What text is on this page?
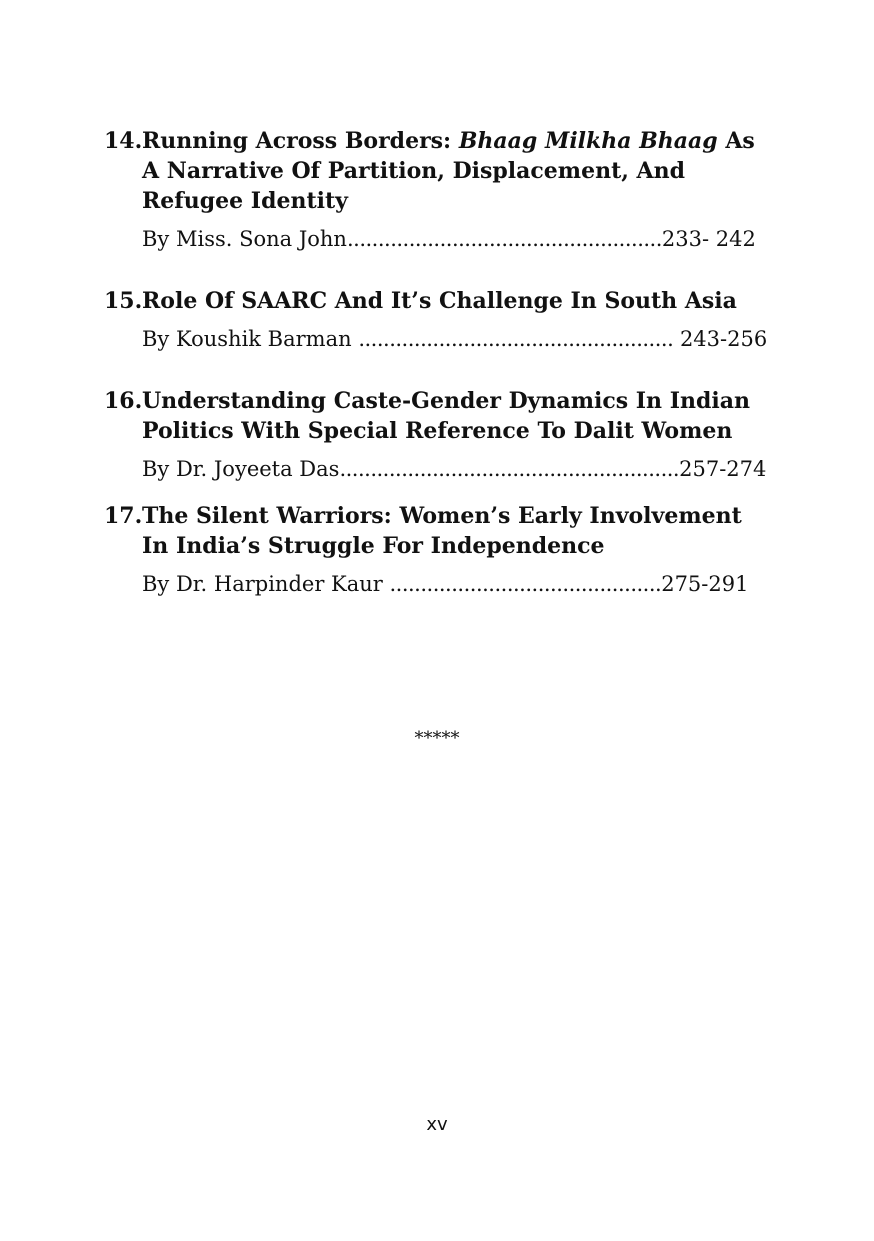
14. Running Across Borders: Bhaag Milkha Bhaag As A Narrative Of Partition, Displacement, And Refugee Identity
By Miss. Sona John...................................................233- 242
15. Role Of SAARC And It’s Challenge In South Asia
By Koushik Barman ................................................... 243-256
16. Understanding Caste-Gender Dynamics In Indian Politics With Special Reference To Dalit Women
By Dr. Joyeeta Das.......................................................257-274
17. The Silent Warriors: Women’s Early Involvement In India’s Struggle For Independence
By Dr. Harpinder Kaur ............................................275-291
*****
xv
